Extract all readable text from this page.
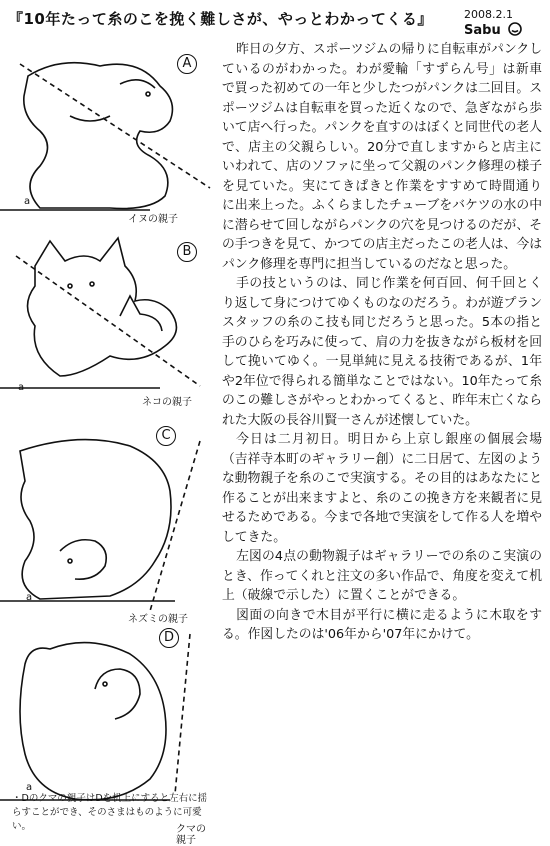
『10年たって糸のこを挽く難しさが、やっとわかってくる』	2008.2.1
Sabu
A
イヌの親子
a
B
ネコの親子
a
C
ネズミの親子
a
D
クマの親子
a
・Dのクマの親子はDを机上にすると左右に揺らすことができ、そのさまはものように可愛い。

昨日の夕方、スポーツジムの帰りに自転車がパンクしているのがわかった。わが愛輪「すずらん号」は新車で買った初めての一年と少したつがパンクは二回目。スポーツジムは自転車を買った近くなので、急ぎながら歩いて店へ行った。パンクを直すのはぼくと同世代の老人で、店主の父親らしい。20分で直しますからと店主にいわれて、店のソファに坐って父親のパンク修理の様子を見ていた。実にてきぱきと作業をすすめて時間通りに出来上った。ふくらましたチューブをバケツの水の中に潜らせて回しながらパンクの穴を見つけるのだが、その手つきを見て、かつての店主だったこの老人は、今はパンク修理を専門に担当しているのだなと思った。

手の技というのは、同じ作業を何百回、何千回とくり返して身につけてゆくものなのだろう。わが遊プランスタッフの糸のこ技も同じだろうと思った。5本の指と手のひらを巧みに使って、肩の力を抜きながら板材を回して挽いてゆく。一見単純に見える技術であるが、1年や2年位で得られる簡単なことではない。10年たって糸のこの難しさがやっとわかってくると、昨年末亡くなられた大阪の長谷川賢一さんが述懐していた。

今日は二月初日。明日から上京し銀座の個展会場（吉祥寺本町のギャラリー創）に二日居て、左図のような動物親子を糸のこで実演する。その目的はあなたにと作ることが出来ますよと、糸のこの挽き方を来観者に見せるためである。今まで各地で実演をして作る人を増やしてきた。

左図の4点の動物親子はギャラリーでの糸のこ実演のとき、作ってくれと注文の多い作品で、角度を変えて机上（破線で示した）に置くことができる。

図面の向きで木目が平行に横に走るように木取をする。作図したのは'06年から'07年にかけて。
